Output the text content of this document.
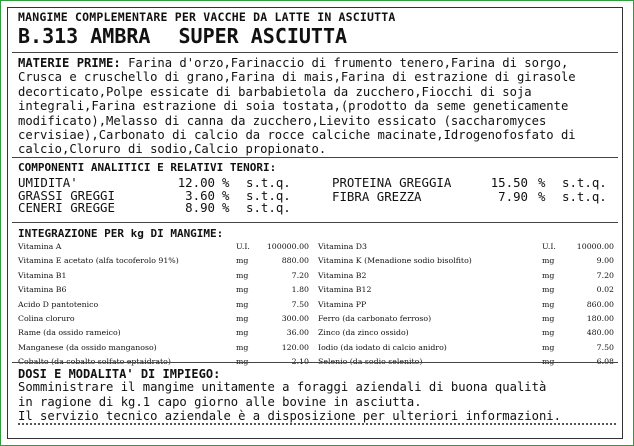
MANGIME COMPLEMENTARE PER VACCHE DA LATTE IN ASCIUTTA
B.313 AMBRA SUPER ASCIUTTA
MATERIE PRIME: Farina d'orzo,Farinaccio di frumento tenero,Farina di sorgo,
Crusca e cruschello di grano,Farina di mais,Farina di estrazione di girasole
decorticato,Polpe essicate di barbabietola da zucchero,Fiocchi di soja
integrali,Farina estrazione di soia tostata,(prodotto da seme geneticamente
modificato),Melasso di canna da zucchero,Lievito essicato (saccharomyces
cervisiae),Carbonato di calcio da rocce calciche macinate,Idrogenofosfato di
calcio,Cloruro di sodio,Calcio propionato.
COMPONENTI ANALITICI E RELATIVI TENORI:
UMIDITA'	12.00 % s.t.q.
GRASSI GREGGI	3.60 % s.t.q.
CENERI GREGGE	8.90 % s.t.q.
PROTEINA GREGGIA	15.50 % s.t.q.
FIBRA GREZZA	7.90 % s.t.q.
INTEGRAZIONE PER kg DI MANGIME:
Vitamina A	U.I.	100000.00
Vitamina E acetato (alfa tocoferolo 91%)	mg	880.00
Vitamina B1	mg	7.20
Vitamina B6	mg	1.80
Acido D pantotenico	mg	7.50
Colina cloruro	mg	300.00
Rame (da ossido rameico)	mg	36.00
Manganese (da ossido manganoso)	mg	120.00
Cobalto (da cobalto solfato eptaidrato)	mg	2.10
Vitamina D3	U.I.	10000.00
Vitamina K (Menadione sodio bisolfito)	mg	9.00
Vitamina B2	mg	7.20
Vitamina B12	mg	0.02
Vitamina PP	mg	860.00
Ferro (da carbonato ferroso)	mg	180.00
Zinco (da zinco ossido)	mg	480.00
Iodio (da iodato di calcio anidro)	mg	7.50
Selenio (da sodio selenito)	mg	6.08
DOSI E MODALITA' DI IMPIEGO:
Somministrare il mangime unitamente a foraggi aziendali di buona qualità
in ragione di kg.1 capo giorno alle bovine in asciutta.
Il servizio tecnico aziendale è a disposizione per ulteriori informazioni.
